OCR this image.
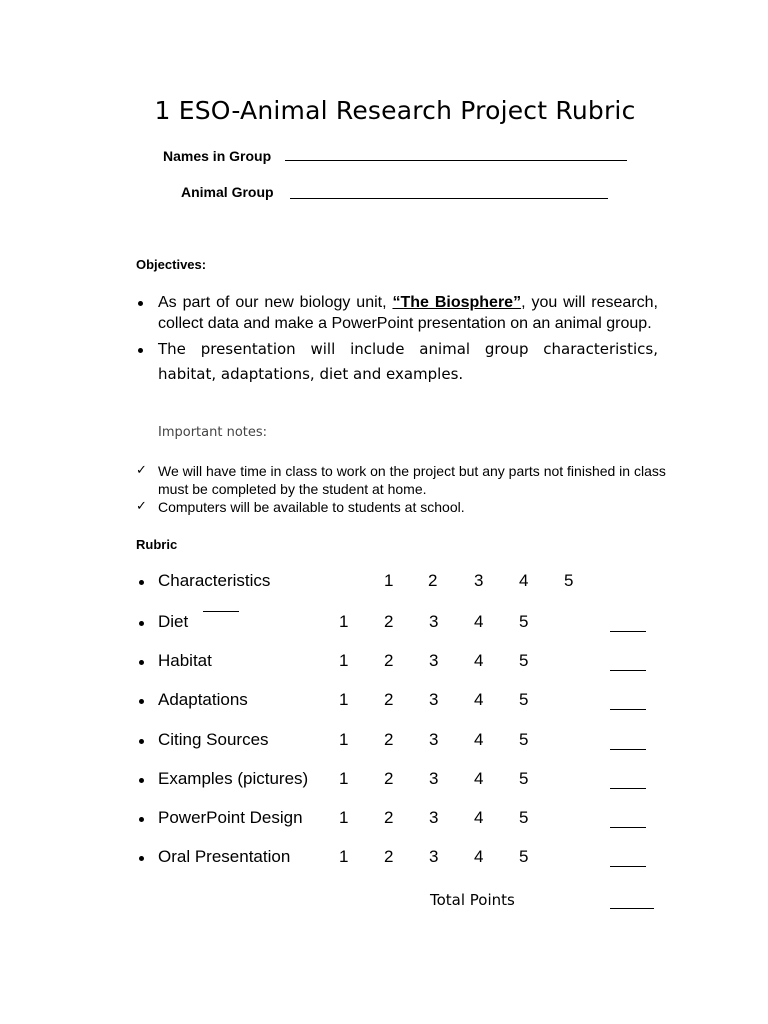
1 ESO-Animal Research Project Rubric
Names in Group
Animal Group
Objectives:
As part of our new biology unit, “The Biosphere”, you will research, collect data and make a PowerPoint presentation on an animal group.
The presentation will include animal group characteristics, habitat, adaptations, diet and examples.
Important notes:
✓ We will have time in class to work on the project but any parts not finished in class must be completed by the student at home.
✓ Computers will be available to students at school.
Rubric
Characteristics	1 2 3 4 5
Diet	1 2 3 4 5
Habitat	1 2 3 4 5
Adaptations	1 2 3 4 5
Citing Sources	1 2 3 4 5
Examples (pictures) 1 2 3 4 5
PowerPoint Design 1 2 3 4 5
Oral Presentation	1 2 3 4 5
Total Points
